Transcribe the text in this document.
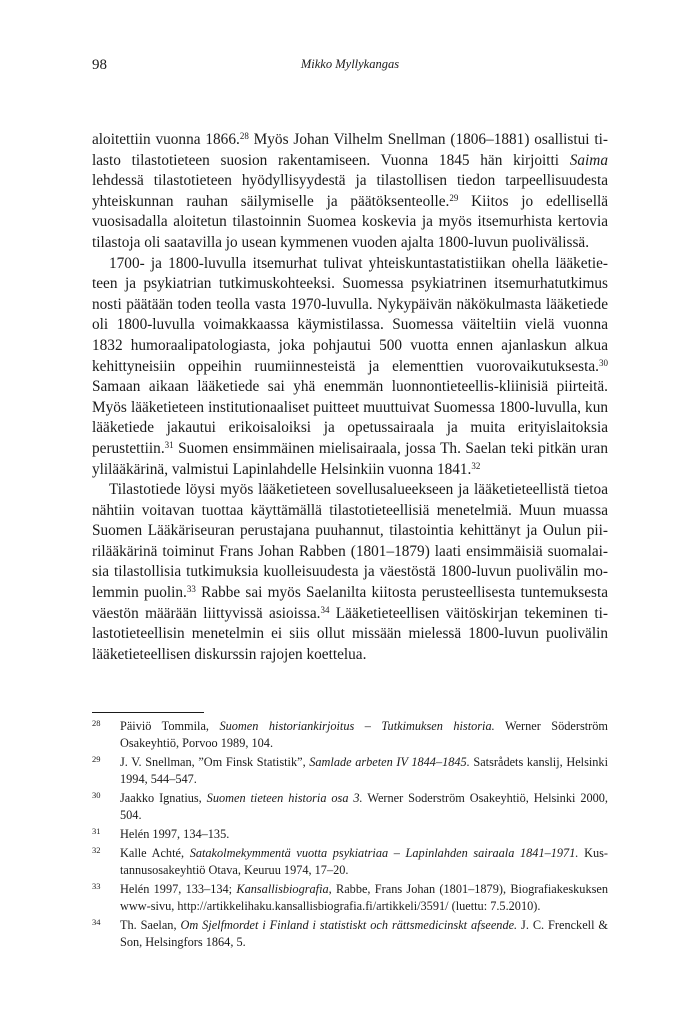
98	Mikko Myllykangas

aloitettiin vuonna 1866.28 Myös Johan Vilhelm Snellman (1806–1881) osallistui tilasto tilastotieteen suosion rakentamiseen. Vuonna 1845 hän kirjoitti Saima lehdessä tilastotieteen hyödyllisyydestä ja tilastollisen tiedon tarpeellisuudesta yhteiskunnan rauhan säilymiselle ja päätöksenteolle.$^{29}$ Kiitos jo edellisellä vuosisadalla aloitetun tilastoinnin Suomea koskevia ja myös itsemurhista kertovia tilastoja oli saatavilla jo usean kymmenen vuoden ajalta 1800-luvun puolivälissä.

1700- ja 1800-luvulla itsemurhat tulivat yhteiskuntastatistiikan ohella lääketieteen ja psykiatrian tutkimuskohteeksi. Suomessa psykiatrinen itsemurhatutkimus nosti päätään toden teolla vasta 1970-luvulla. Nykypäivän näkökulmasta lääketiede oli 1800-luvulla voimakkaassa käymistilassa. Suomessa väiteltiin vielä vuonna 1832 humoraalipatologiasta, joka pohjautui 500 vuotta ennen ajanlaskun alkua kehittyneisiin oppeihin ruumiinnesteistä ja elementtien vuorovaikutuksesta.$^{30}$ Samaan aikaan lääketiede sai yhä enemmän luonnontieteellis-kliinisiä piirteitä. Myös lääketieteen institutionaaliset puitteet muuttuivat Suomessa 1800-luvulla, kun lääketiede jakautui erikoisaloiksi ja opetussairaala ja muita erityislaitoksia perustettiin.$^{31}$ Suomen ensimmäinen mielisairaala, jossa Th. Saelan teki pitkän uran ylilääkärinä, valmistui Lapinlahdelle Helsinkiin vuonna 1841.32

Tilastotiede löysi myös lääketieteen sovellusalueekseen ja lääketieteellistä tietoa nähtiin voitavan tuottaa käyttämällä tilastotieteellisiä menetelmiä. Muun muassa Suomen Lääkäriseuran perustajana puuhannut, tilastointia kehittänyt ja Oulun piirilääkärinä toiminut Frans Johan Rabben (1801–1879) laati ensimmäisiä suomalaisia tilastollisia tutkimuksia kuolleisuudesta ja väestöstä 1800-luvun puolivälin molemmin puolin.$^{33}$ Rabbe sai myös Saelanilta kiitosta perusteellisesta tuntemuksesta väestön määrään liittyvissä asioissa.$^{34}$ Lääketieteellisen väitöskirjan tekeminen tilastotieteellisin menetelmin ei siis ollut missään mielessä 1800-luvun puolivälin lääketieteellisen diskurssin rajojen koettelua.

28 Päiviö Tommila, Suomen historiankirjoitus – Tutkimuksen historia. Werner Söderström Osakeyhtiö, Porvoo 1989, 104.
29 J. V. Snellman, ”Om Finsk Statistik”, Samlade arbeten IV 1844–1845. Satsrådets kanslij, Helsinki 1994, 544–547.
30 Jaakko Ignatius, Suomen tieteen historia osa 3. Werner Soderström Osakeyhtiö, Helsinki 2000, 504.
31 Helén 1997, 134–135.
32 Kalle Achté, Satakolmekymmentä vuotta psykiatriaa – Lapinlahden sairaala 1841–1971. Kustannusosakeyhtiö Otava, Keuruu 1974, 17–20.
33 Helén 1997, 133–134; Kansallisbiografia, Rabbe, Frans Johan (1801–1879), Biografiakeskuksen www-sivu, http://artikkelihaku.kansallisbiografia.fi/artikkeli/3591/ (luettu: 7.5.2010).
34 Th. Saelan, Om Sjelfmordet i Finland i statistiskt och rättsmedicinskt afseende. J. C. Frenckell & Son, Helsingfors 1864, 5.
